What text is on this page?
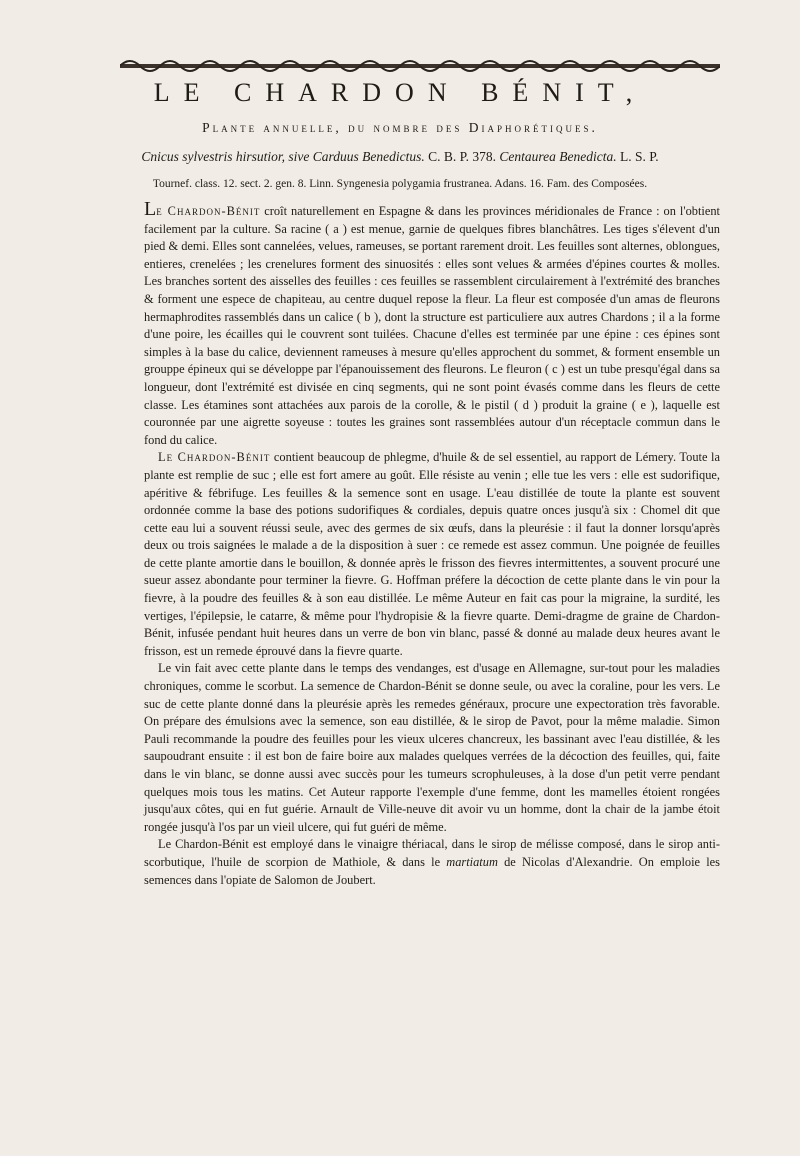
LE CHARDON BÉNIT,
Plante annuelle, du nombre des Diaphorétiques.
Cnicus sylvestris hirsutior, sive Carduus Benedictus. C. B. P. 378. Centaurea Benedicta. L. S. P.
Tournef. class. 12. sect. 2. gen. 8. Linn. Syngenesia polygamia frustranea. Adans. 16. Fam. des Composées.

Le Chardon-Bénit croît naturellement en Espagne & dans les provinces méridionales de France : on l'obtient facilement par la culture. Sa racine ( a ) est menue, garnie de quelques fibres blanchâtres. Les tiges s'élevent d'un pied & demi. Elles sont cannelées, velues, rameuses, se portant rarement droit. Les feuilles sont alternes, oblongues, entieres, crenelées ; les crenelures forment des sinuosités : elles sont velues & armées d'épines courtes & molles. Les branches sortent des aisselles des feuilles : ces feuilles se rassemblent circulairement à l'extrémité des branches & forment une espece de chapiteau, au centre duquel repose la fleur. La fleur est composée d'un amas de fleurons hermaphrodites rassemblés dans un calice ( b ), dont la structure est particuliere aux autres Chardons ; il a la forme d'une poire, les écailles qui le couvrent sont tuilées. Chacune d'elles est terminée par une épine : ces épines sont simples à la base du calice, deviennent rameuses à mesure qu'elles approchent du sommet, & forment ensemble un grouppe épineux qui se développe par l'épanouissement des fleurons. Le fleuron ( c ) est un tube presqu'égal dans sa longueur, dont l'extrémité est divisée en cinq segments, qui ne sont point évasés comme dans les fleurs de cette classe. Les étamines sont attachées aux parois de la corolle, & le pistil ( d ) produit la graine ( e ), laquelle est couronnée par une aigrette soyeuse : toutes les graines sont rassemblées autour d'un réceptacle commun dans le fond du calice.

Le Chardon-Bénit contient beaucoup de phlegme, d'huile & de sel essentiel, au rapport de Lémery. Toute la plante est remplie de suc ; elle est fort amere au goût. Elle résiste au venin ; elle tue les vers : elle est sudorifique, apéritive & fébrifuge. Les feuilles & la semence sont en usage. L'eau distillée de toute la plante est souvent ordonnée comme la base des potions sudorifiques & cordiales, depuis quatre onces jusqu'à six : Chomel dit que cette eau lui a souvent réussi seule, avec des germes de six œufs, dans la pleurésie : il faut la donner lorsqu'après deux ou trois saignées le malade a de la disposition à suer : ce remede est assez commun. Une poignée de feuilles de cette plante amortie dans le bouillon, & donnée après le frisson des fievres intermittentes, a souvent procuré une sueur assez abondante pour terminer la fievre. G. Hoffman préfere la décoction de cette plante dans le vin pour la fievre, à la poudre des feuilles & à son eau distillée. Le même Auteur en fait cas pour la migraine, la surdité, les vertiges, l'épilepsie, le catarre, & même pour l'hydropisie & la fievre quarte. Demi-dragme de graine de Chardon-Bénit, infusée pendant huit heures dans un verre de bon vin blanc, passé & donné au malade deux heures avant le frisson, est un remede éprouvé dans la fievre quarte.

Le vin fait avec cette plante dans le temps des vendanges, est d'usage en Allemagne, sur-tout pour les maladies chroniques, comme le scorbut. La semence de Chardon-Bénit se donne seule, ou avec la coraline, pour les vers. Le suc de cette plante donné dans la pleurésie après les remedes généraux, procure une expectoration très favorable. On prépare des émulsions avec la semence, son eau distillée, & le sirop de Pavot, pour la même maladie. Simon Pauli recommande la poudre des feuilles pour les vieux ulceres chancreux, les bassinant avec l'eau distillée, & les saupoudrant ensuite : il est bon de faire boire aux malades quelques verrées de la décoction des feuilles, qui, faite dans le vin blanc, se donne aussi avec succès pour les tumeurs scrophuleuses, à la dose d'un petit verre pendant quelques mois tous les matins. Cet Auteur rapporte l'exemple d'une femme, dont les mamelles étoient rongées jusqu'aux côtes, qui en fut guérie. Arnault de Ville-neuve dit avoir vu un homme, dont la chair de la jambe étoit rongée jusqu'à l'os par un vieil ulcere, qui fut guéri de même.

Le Chardon-Bénit est employé dans le vinaigre thériacal, dans le sirop de mélisse composé, dans le sirop anti-scorbutique, l'huile de scorpion de Mathiole, & dans le martiatum de Nicolas d'Alexandrie. On emploie les semences dans l'opiate de Salomon de Joubert.
